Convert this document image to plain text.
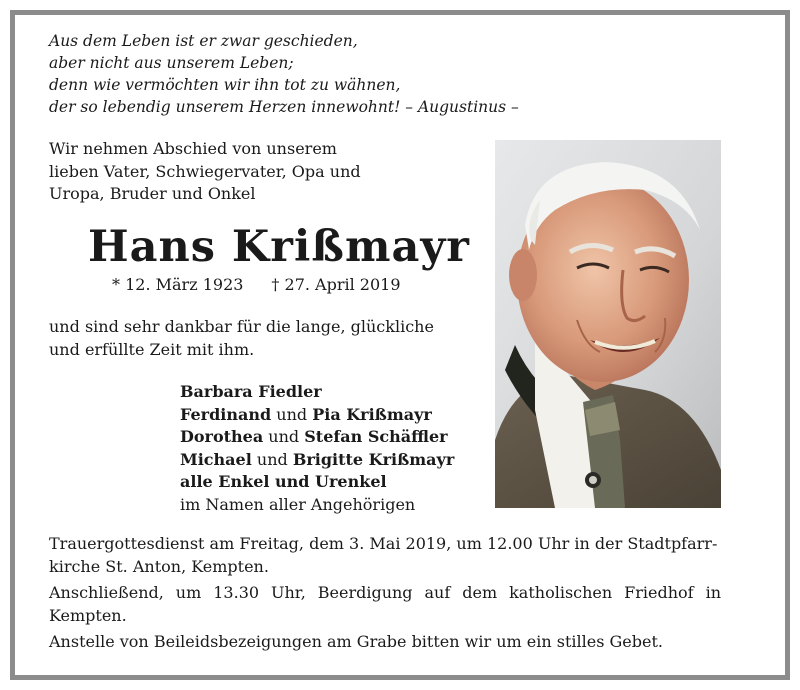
Aus dem Leben ist er zwar geschieden,
aber nicht aus unserem Leben;
denn wie vermöchten wir ihn tot zu wähnen,
der so lebendig unserem Herzen innewohnt! – Augustinus –
Wir nehmen Abschied von unserem
lieben Vater, Schwiegervater, Opa und
Uropa, Bruder und Onkel
Hans Krißmayr
* 12. März 1923 † 27. April 2019
und sind sehr dankbar für die lange, glückliche
und erfüllte Zeit mit ihm.
Barbara Fiedler
Ferdinand und Pia Krißmayr
Dorothea und Stefan Schäffler
Michael und Brigitte Krißmayr
alle Enkel und Urenkel
im Namen aller Angehörigen

Trauergottesdienst am Freitag, dem 3. Mai 2019, um 12.00 Uhr in der Stadtpfarr-
kirche St. Anton, Kempten.

Anschließend, um 13.30 Uhr, Beerdigung auf dem katholischen Friedhof in
Kempten.

Anstelle von Beileidsbezeigungen am Grabe bitten wir um ein stilles Gebet.
